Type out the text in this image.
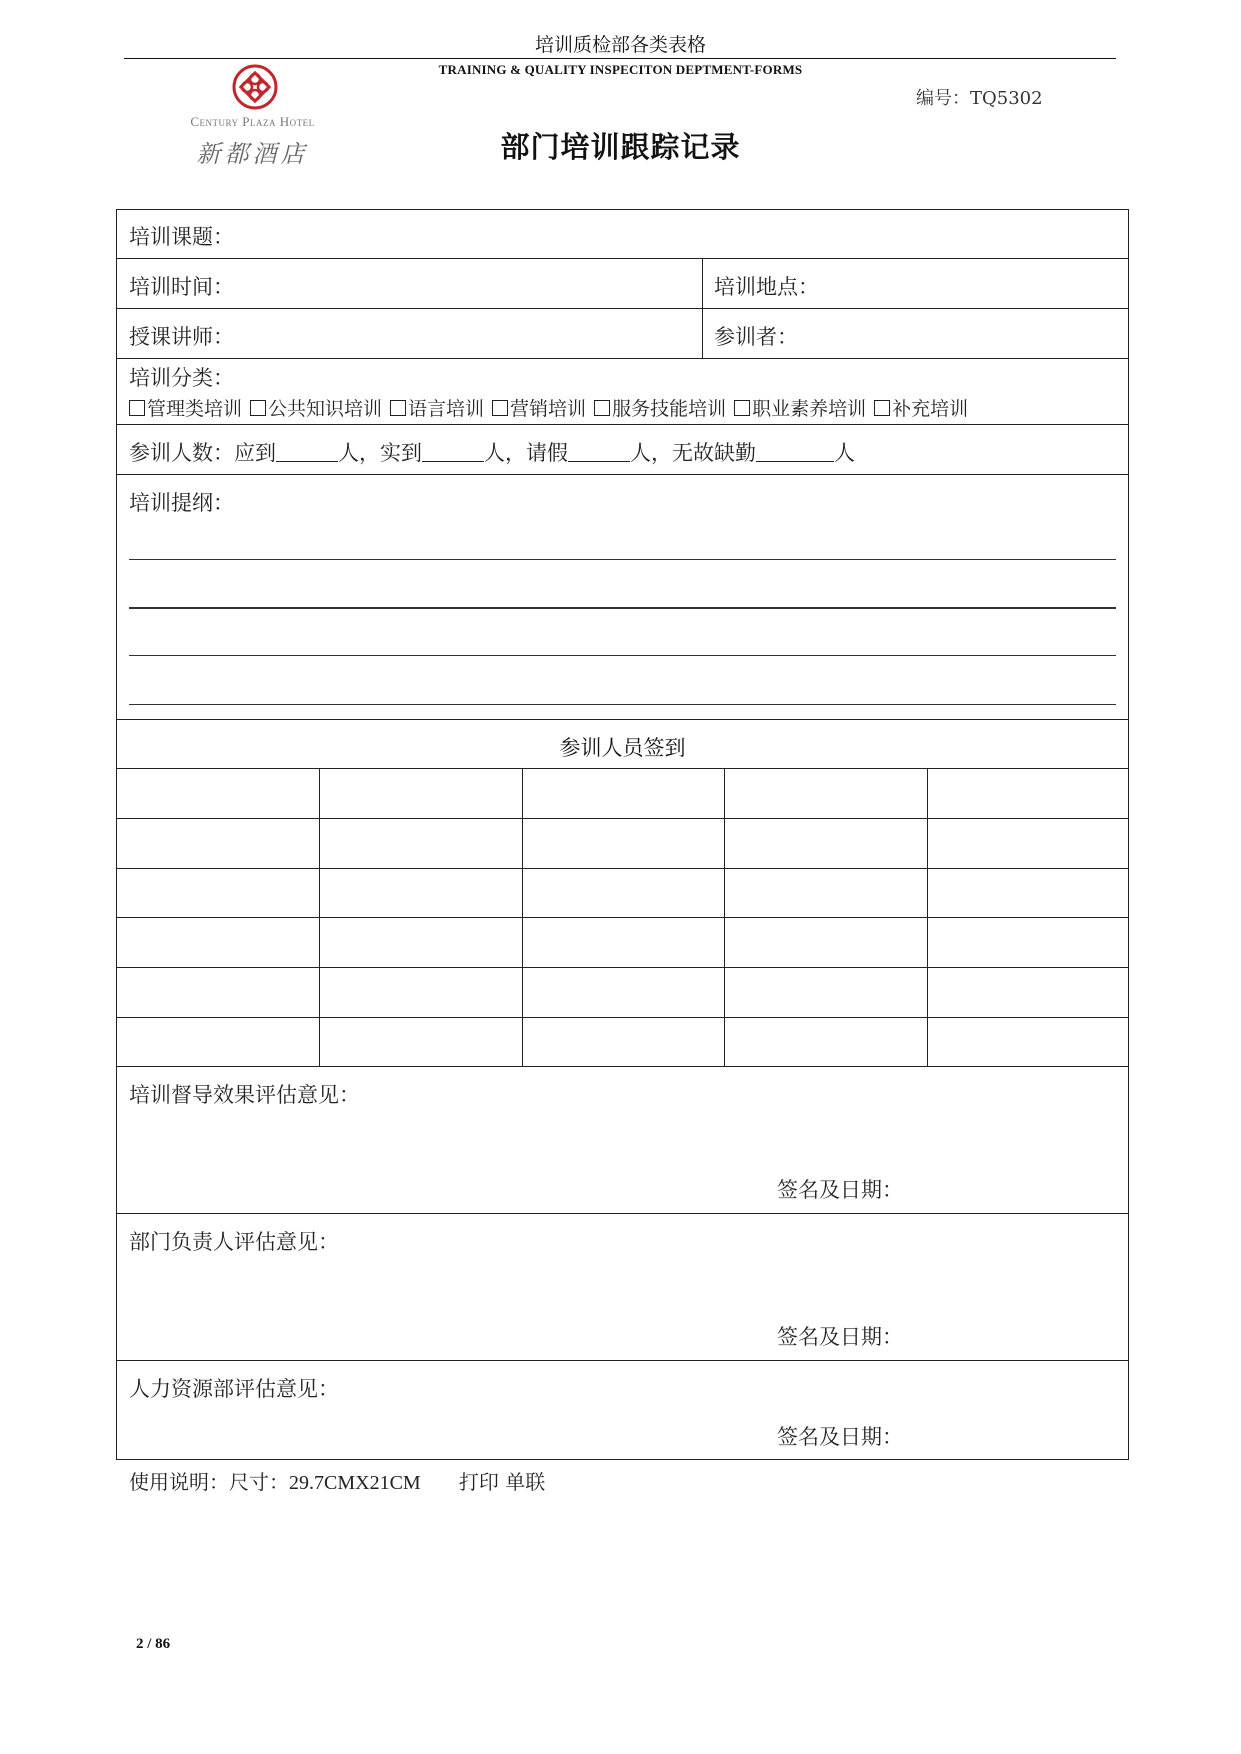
培训质检部各类表格
TRAINING & QUALITY INSPECITON DEPTMENT-FORMS
编号：TQ5302
Century Plaza Hotel
新都酒店	部门培训跟踪记录
培训课题：
培训时间：	培训地点：
授课讲师：	参训者：
培训分类：
管理类培训 公共知识培训 语言培训 营销培训 服务技能培训 职业素养培训 补充培训
参训人数：应到	人，实到	人，请假	人，无故缺勤	人
培训提纲：
参训人员签到
培训督导效果评估意见：
签名及日期：
部门负责人评估意见：
签名及日期：
人力资源部评估意见：
签名及日期：
使用说明：尺寸：29.7CMX21CM 打印 单联
2 / 86
